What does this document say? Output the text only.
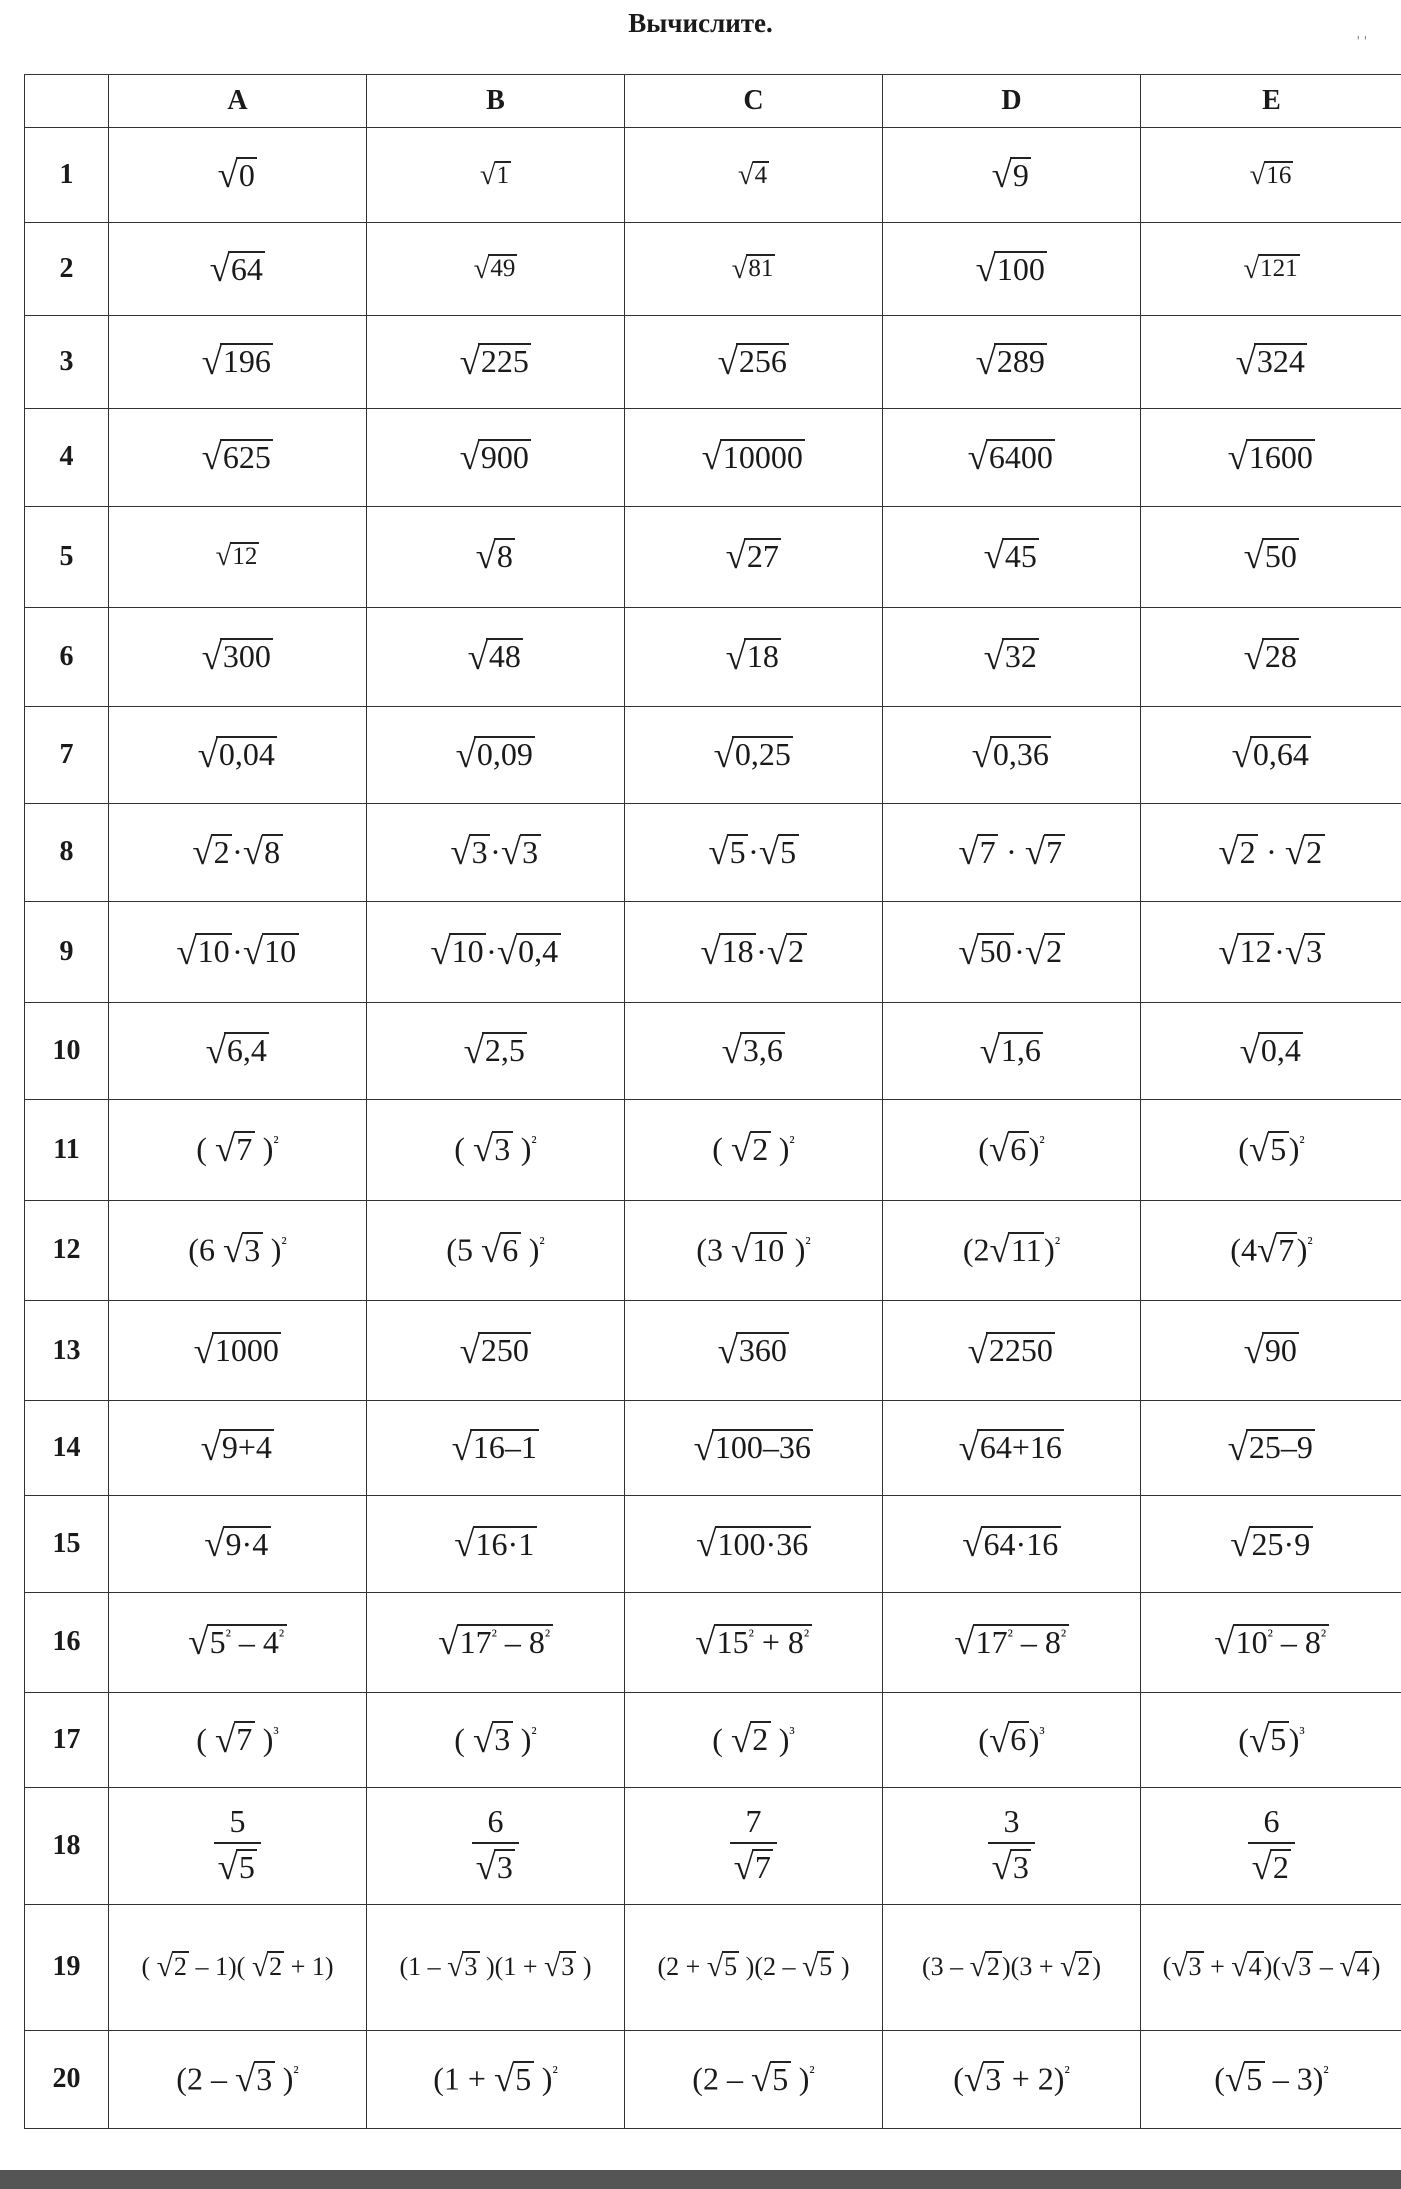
Вычислите.
' '
	A	B	C	D	E
1	√0	√1	√4	√9	√16
2	√64	√49	√81	√100	√121
3	√196	√225	√256	√289	√324
4	√625	√900	√10000	√6400	√1600
5	√12	√8	√27	√45	√50
6	√300	√48	√18	√32	√28
7	√0,04	√0,09	√0,25	√0,36	√0,64
8	√2·√8	√3·√3	√5·√5	√7 · √7	√2 · √2
9	√10·√10	√10·√0,4	√18·√2	√50·√2	√12·√3
10	√6,4	√2,5	√3,6	√1,6	√0,4
11	( √7 )$^{^2}$	( √3 )$^{^2}$	( √2 )$^{^2}$	$(√6)^{^2}$	$(√5)^{^2}$
12	(6 √3 )$^{^2}$	(5 √6 )$^{^2}$	(3 √10 )$^{^2}$	$(2√11)^{^2}$	$(4√7)^{^2}$
13	√1000	√250	√360	√2250	√90
14	√9+4	√16–1	√100–36	√64+16	√25–9
15	√9·4	√16·1	√100·36	√64·16	√25·9
16	$√5^{^2} - 4^{^2}$	$√17^{^2} - 8^{^2}$	$√15^{^2} + 8^{^2}$	$√17^{^2} - 8^{^2}$	$√10^{^2} - 8^{^2}$
17	( √7 )$^{^3}$	( √3 )$^{^2}$	( √2 )$^{^3}$	$(√6)^{^3}$	$(√5)^{^3}$
18	$\frac{5}{√5}$	$\frac{6}{√3}$	$\frac{7}{√7}$	$\frac{3}{√3}$	$\frac{6}{√2}$

19	( √2 – 1)( √2 + 1)	(1 – √3 )(1 + √3 )	(2 + √5 )(2 – √5 )	(3 – √2)(3 + √2)	(√3 + √4)(√3 – √4)
20	(2 – √3 )$^{^2}$	(1 + √5 )$^{^2}$	(2 – √5 )$^{^2}$	$(√3 + 2)^{^2}$	(√5 – 3)$^{^2}$
